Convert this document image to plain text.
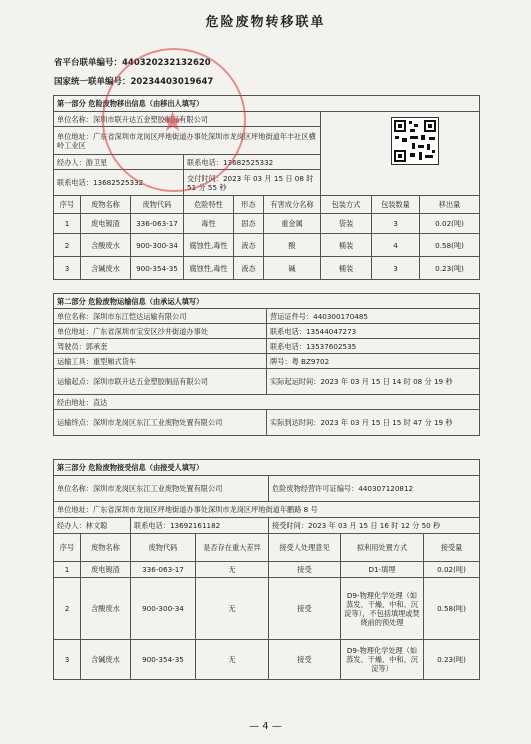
危险废物转移联单
省平台联单编号：440320232132620
国家统一联单编号：20234403019647
第一部分 危险废物移出信息（由移出人填写）								
单位名称：深圳市联升达五金塑胶制品有限公司								
单位地址：广东省深圳市龙岗区坪地街道办事处深圳市龙岗区坪地街道年丰社区横岭工业区								
经办人：游卫星			联系电话：13682525332					
联系电话：13682525332			交付时间：2023 年 03 月 15 日 08 时 51 分 55 秒					
序号	废物名称	废物代码	危险特性	形态	有害成分名称	包装方式	包装数量	移出量
1	废电镀渣	336-063-17	毒性	固态	重金属	袋装	3	0.02(吨)
2	含酸废水	900-300-34	腐蚀性,毒性	液态	酸	桶装	4	0.58(吨)
3	含碱废水	900-354-35	腐蚀性,毒性	液态	碱	桶装	3	0.23(吨)
第二部分 危险废物运输信息（由承运人填写）	
单位名称：深圳市东江恺达运输有限公司	营运证件号：440300170485
单位地址：广东省深圳市宝安区沙井街道办事处	联系电话：13544047273
驾驶员：郭承奎	联系电话：13537602535
运输工具：重型厢式货车	牌号：粤 BZ9702
运输起点：深圳市联升达五金塑胶制品有限公司	实际起运时间：2023 年 03 月 15 日 14 时 08 分 19 秒
经由地址：直达	
运输终点：深圳市龙岗区东江工业废物处置有限公司	实际到达时间：2023 年 03 月 15 日 15 时 47 分 19 秒
第三部分 危险废物接受信息（由接受人填写）						
单位名称：深圳市龙岗区东江工业废物处置有限公司				危险废物经营许可证编号：440307120812		
单位地址：广东省深圳市龙岗区坪地街道办事处深圳市龙岗区坪地街道年鹏路 8 号						
经办人：林文聪		联系电话：13692161182		接受时间：2023 年 03 月 15 日 16 时 12 分 50 秒		
序号	废物名称	废物代码	是否存在重大差异	接受人处理意见	拟利用处置方式	接受量
1	废电镀渣	336-063-17	无	接受	D1-填埋	0.02(吨)
2	含酸废水	900-300-34	无	接受	D9-物理化学处理（如蒸发、干燥、中和、沉淀等），不包括填埋或焚烧前的预处理	0.58(吨)
3	含碱废水	900-354-35	无	接受	D9-物理化学处理（如蒸发、干燥、中和、沉淀等）	0.23(吨)
★
— 4 —
